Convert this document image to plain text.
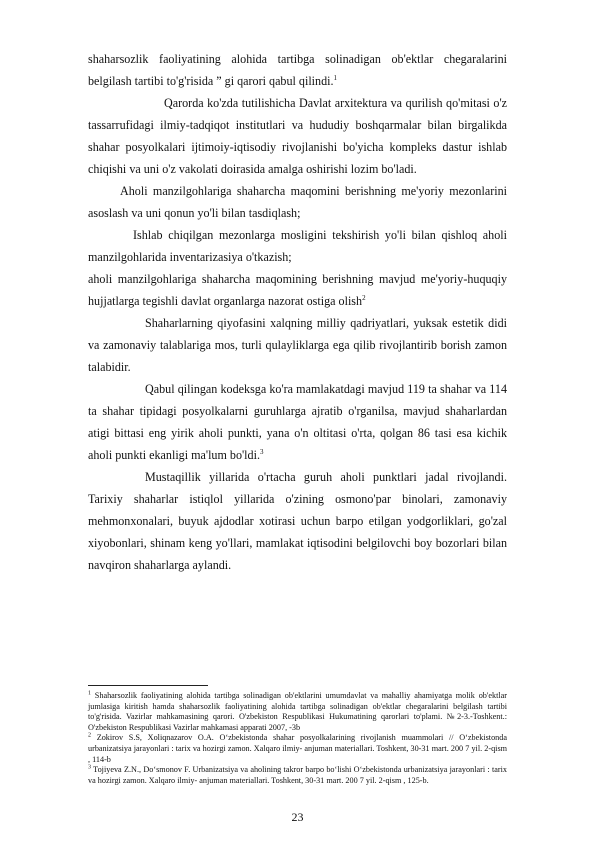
shaharsozlik faoliyatining alohida tartibga solinadigan ob'ektlar chegaralarini belgilash tartibi to'g'risida ” gi qarori qabul qilindi.$^1$

Qarorda ko'zda tutilishicha Davlat arxitektura va qurilish qo'mitasi o'z tassarrufidagi ilmiy-tadqiqot institutlari va hududiy boshqarmalar bilan birgalikda shahar posyolkalari ijtimoiy-iqtisodiy rivojlanishi bo'yicha kompleks dastur ishlab chiqishi va uni o'z vakolati doirasida amalga oshirishi lozim bo'ladi.

Aholi manzilgohlariga shaharcha maqomini berishning me'yoriy mezonlarini asoslash va uni qonun yo'li bilan tasdiqlash;

Ishlab chiqilgan mezonlarga mosligini tekshirish yo'li bilan qishloq aholi manzilgohlarida inventarizasiya o'tkazish;

aholi manzilgohlariga shaharcha maqomining berishning mavjud me'yoriy-huquqiy hujjatlarga tegishli davlat organlarga nazorat ostiga olish$^2$

Shaharlarning qiyofasini xalqning milliy qadriyatlari, yuksak estetik didi va zamonaviy talablariga mos, turli qulayliklarga ega qilib rivojlantirib borish zamon talabidir.

Qabul qilingan kodeksga ko'ra mamlakatdagi mavjud 119 ta shahar va 114 ta shahar tipidagi posyolkalarni guruhlarga ajratib o'rganilsa, mavjud shaharlardan atigi bittasi eng yirik aholi punkti, yana o'n oltitasi o'rta, qolgan 86 tasi esa kichik aholi punkti ekanligi ma'lum bo'ldi.$^3$

Mustaqillik yillarida o'rtacha guruh aholi punktlari jadal rivojlandi. Tarixiy shaharlar istiqlol yillarida o'zining osmono'par binolari, zamonaviy mehmonxonalari, buyuk ajdodlar xotirasi uchun barpo etilgan yodgorliklari, go'zal xiyobonlari, shinam keng yo'llari, mamlakat iqtisodini belgilovchi boy bozorlari bilan navqiron shaharlarga aylandi.

$^1$ Shaharsozlik faoliyatining alohida tartibga solinadigan ob'ektlarini umumdavlat va mahalliy ahamiyatga molik ob'ektlar jumlasiga kiritish hamda shaharsozlik faoliyatining alohida tartibga solinadigan ob'ektlar chegaralarini belgilash tartibi to'g'risida. Vazirlar mahkamasining qarori. O'zbekiston Respublikasi Hukumatining qarorlari to'plami. №2-3.-Toshkent.: O'zbekiston Respublikasi Vazirlar mahkamasi apparati 2007, -3b

$^2$ Zokirov S.S, Xoliqnazarov O.A. O‘zbekistonda shahar posyolkalarining rivojlanish muammolari // O‘zbekistonda urbanizatsiya jarayonlari : tarix va hozirgi zamon. Xalqaro ilmiy- anjuman materiallari. Toshkent, 30-31 mart. 200 7 yil. 2-qism , 114-b

$^3$ Tojiyeva Z.N., Do‘smonov F. Urbanizatsiya va aholining takror barpo bo‘lishi O‘zbekistonda urbanizatsiya jarayonlari : tarix va hozirgi zamon. Xalqaro ilmiy- anjuman materiallari. Toshkent, 30-31 mart. 200 7 yil. 2-qism , 125-b.

23
